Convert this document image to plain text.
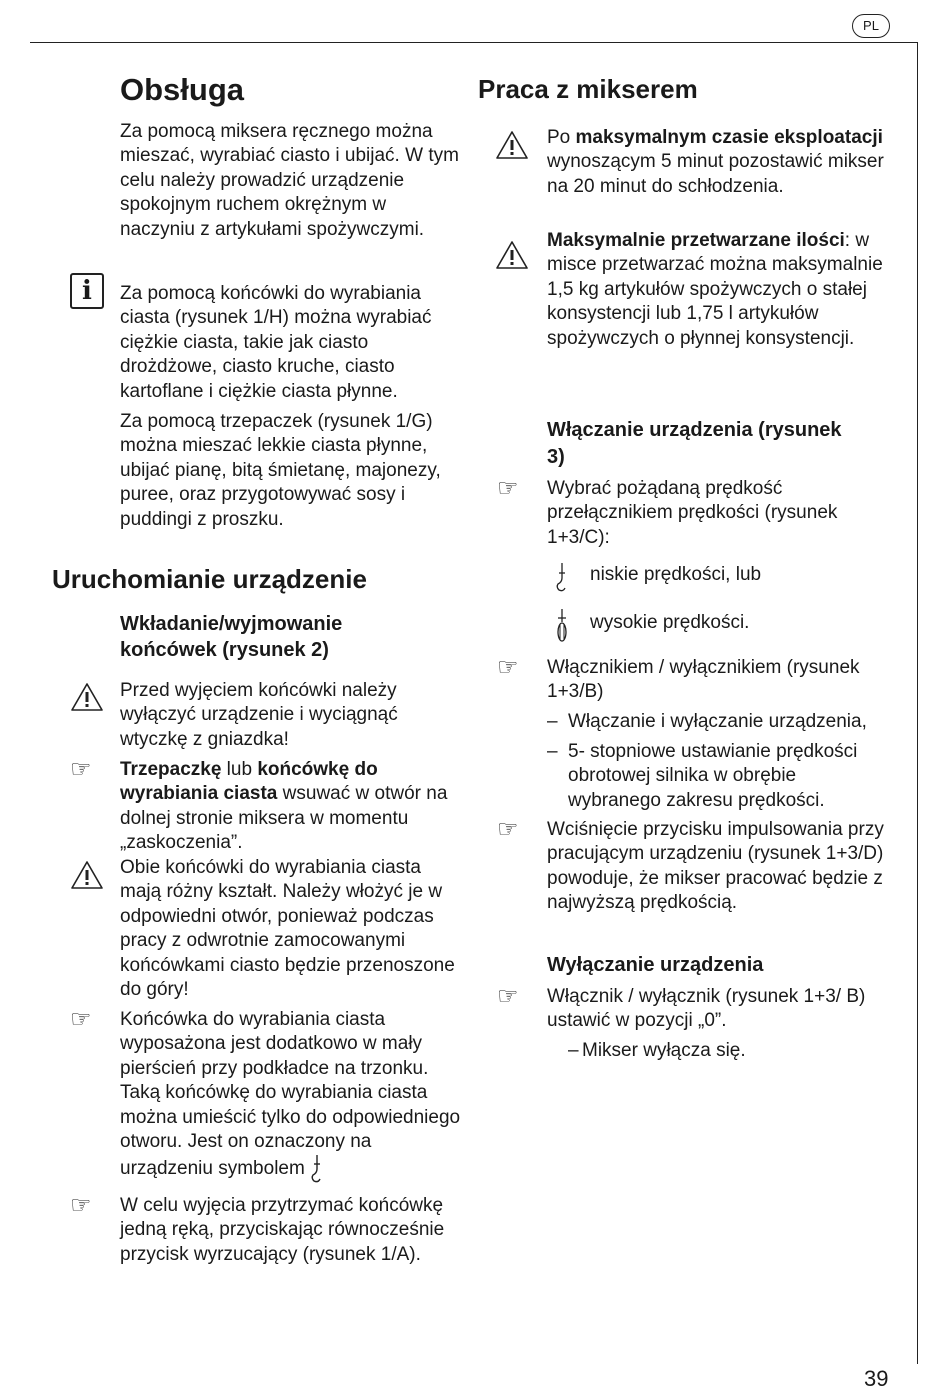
PL
39
Obsługa

Za pomocą miksera ręcznego można mieszać, wyrabiać ciasto i ubijać. W tym celu należy prowadzić urządzenie spokojnym ruchem okrężnym w naczyniu z artykułami spożywczymi.

i	Za pomocą końcówki do wyrabiania ciasta (rysunek 1/H) można wyrabiać ciężkie ciasta, takie jak ciasto drożdżowe, ciasto kruche, ciasto kartoflane i ciężkie ciasta płynne.

Za pomocą trzepaczek (rysunek 1/G) można mieszać lekkie ciasta płynne, ubijać pianę, bitą śmietanę, majonezy, puree, oraz przygotowywać sosy i puddingi z proszku.

Uruchomianie urządzenie
Wkładanie/wyjmowanie końcówek (rysunek 2)

Przed wyjęciem końcówki należy wyłączyć urządzenie i wyciągnąć wtyczkę z gniazdka!

☞ Trzepaczkę lub końcówkę do wyrabiania ciasta wsuwać w otwór na dolnej stronie miksera w momentu „zaskoczenia”.

Obie końcówki do wyrabiania ciasta mają różny kształt. Należy włożyć je w odpowiedni otwór, ponieważ podczas pracy z odwrotnie zamocowanymi końcówkami ciasto będzie przenoszone do góry!

☞ Końcówka do wyrabiania ciasta wyposażona jest dodatkowo w mały pierścień przy podkładce na trzonku. Taką końcówkę do wyrabiania ciasta można umieścić tylko do odpowiedniego otworu. Jest on oznaczony na urządzeniu symbolem

☞ W celu wyjęcia przytrzymać końcówkę jedną ręką, przyciskając równocześnie przycisk wyrzucający (rysunek 1/A).

Praca z mikserem

Po maksymalnym czasie eksploatacji wynoszącym 5 minut pozostawić mikser na 20 minut do schłodzenia.

Maksymalnie przetwarzane ilości: w misce przetwarzać można maksymalnie 1,5 kg artykułów spożywczych o stałej konsystencji lub 1,75 l artykułów spożywczych o płynnej konsystencji.

Włączanie urządzenia (rysunek 3)
☞ Wybrać pożądaną prędkość przełącznikiem prędkości (rysunek 1+3/C):

niskie prędkości, lub

wysokie prędkości.

☞ Włącznikiem / wyłącznikiem (rysunek 1+3/B)

– Włączanie i wyłączanie urządzenia,

– 5- stopniowe ustawianie prędkości obrotowej silnika w obrębie wybranego zakresu prędkości.

☞ Wciśnięcie przycisku impulsowania przy pracującym urządzeniu (rysunek 1+3/D) powoduje, że mikser pracować będzie z najwyższą prędkością.

Wyłączanie urządzenia
☞ Włącznik / wyłącznik (rysunek 1+3/ B) ustawić w pozycji „0”.

– Mikser wyłącza się.
